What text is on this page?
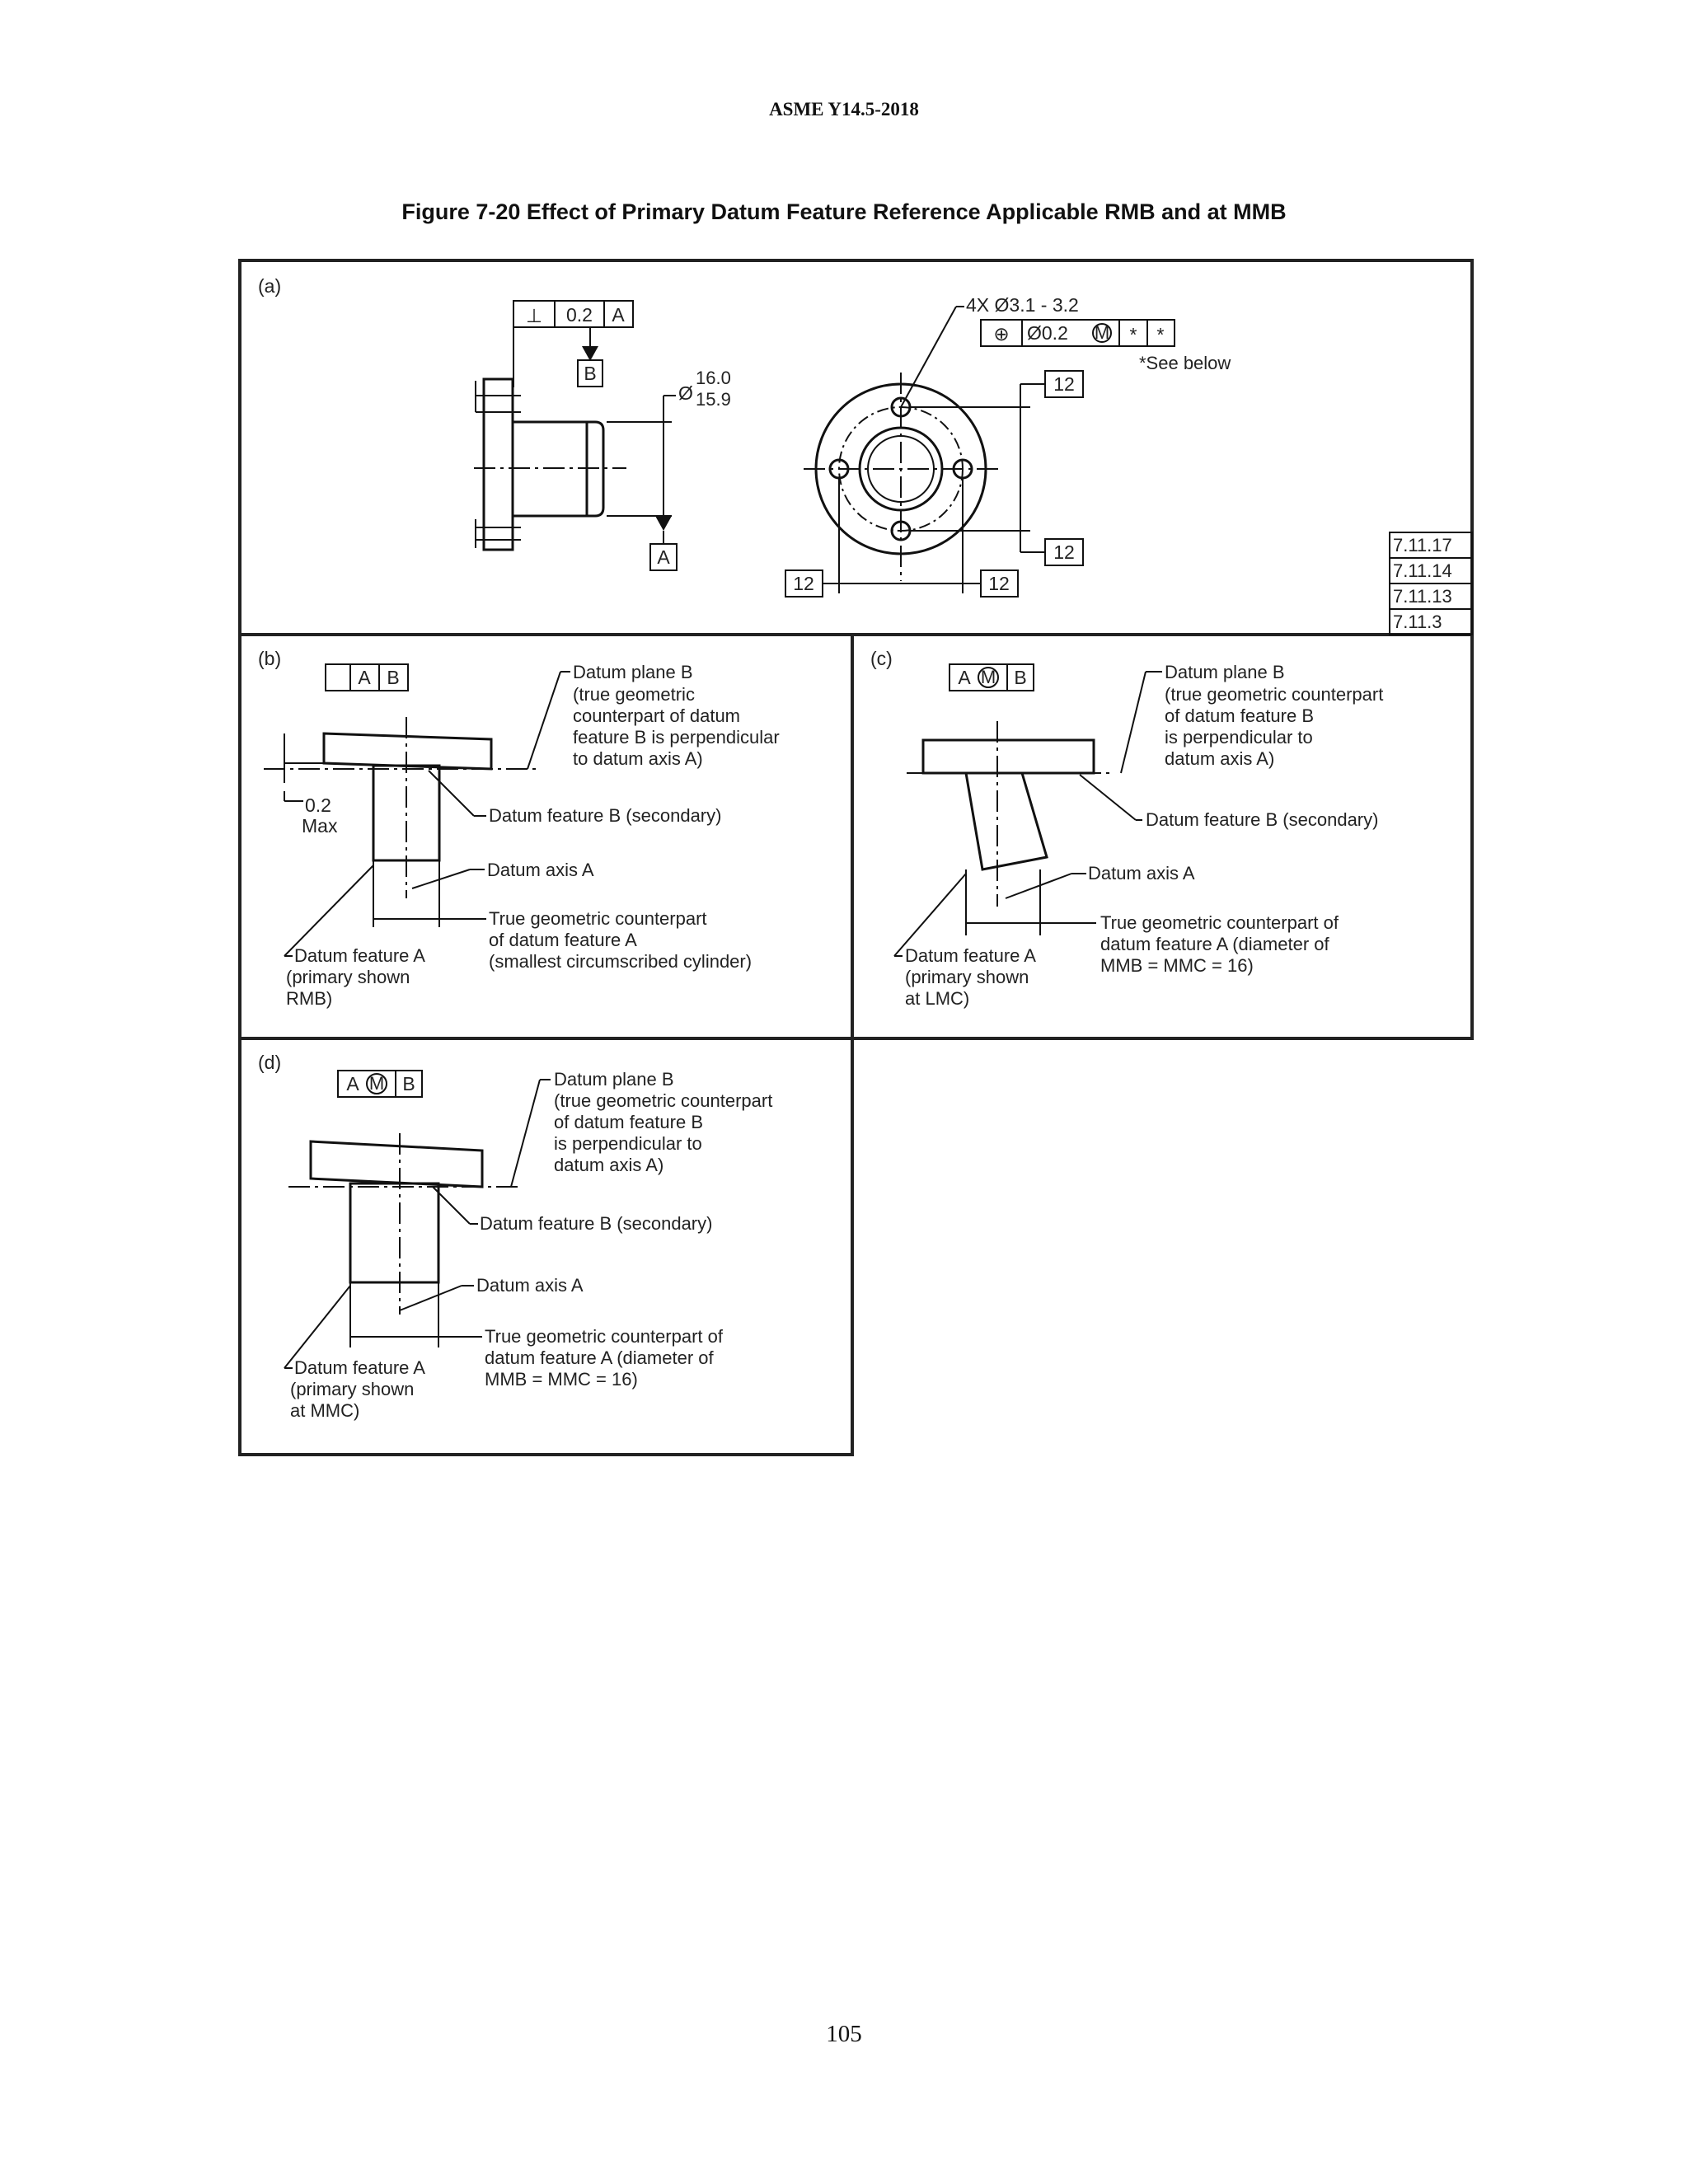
ASME Y14.5-2018
Figure 7-20 Effect of Primary Datum Feature Reference Applicable RMB and at MMB
(a)
⊥ 0.2 A
B
A
Ø
16.0
15.9
4X Ø3.1 - 3.2
⊕ Ø0.2 M * *
*See below
12
12
12	12
7.11.17
7.11.14
7.11.13
7.11.3
(b)
A B
0.2
Max
Datum plane B
(true geometric
counterpart of datum
feature B is perpendicular
to datum axis A)
Datum feature B (secondary)
Datum axis A
True geometric counterpart
of datum feature A
(smallest circumscribed cylinder)
Datum feature A
(primary shown
RMB)
(c)
A M B	Datum plane B
(true geometric counterpart
of datum feature B
is perpendicular to
datum axis A)
Datum feature B (secondary)
Datum axis A
True geometric counterpart of
datum feature A (diameter of
MMB = MMC = 16)
Datum feature A
(primary shown
at LMC)
(d)
A M B	Datum plane B
(true geometric counterpart
of datum feature B
is perpendicular to
datum axis A)
Datum feature B (secondary)
Datum axis A
True geometric counterpart of
datum feature A (diameter of
MMB = MMC = 16)
Datum feature A
(primary shown
at MMC)
105
